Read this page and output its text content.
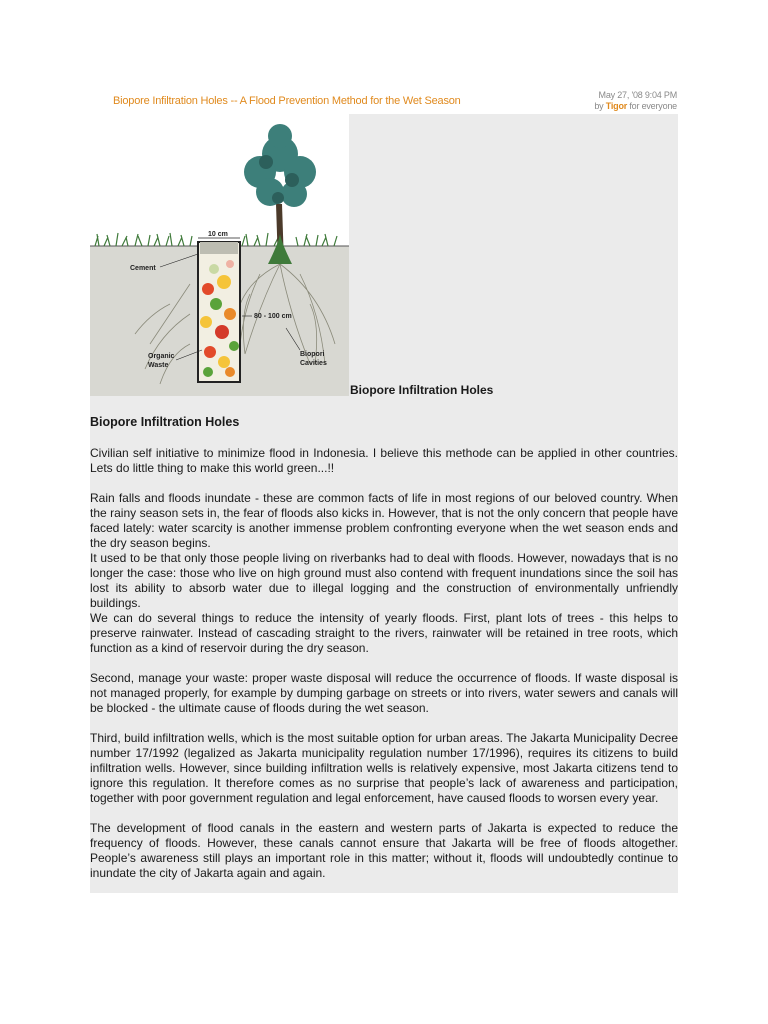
Biopore Infiltration Holes -- A Flood Prevention Method for the Wet Season	May 27, '08 9:04 PM
by Tigor for everyone
10 cm
Cement
80 - 100 cm
Organic
Waste
Biopori
Cavities
Biopore Infiltration Holes
Biopore Infiltration Holes

Civilian self initiative to minimize flood in Indonesia. I believe this methode can be applied in other countries. Lets do little thing to make this world green...!!

Rain falls and floods inundate - these are common facts of life in most regions of our beloved country. When the rainy season sets in, the fear of floods also kicks in. However, that is not the only concern that people have faced lately: water scarcity is another immense problem confronting everyone when the wet season ends and the dry season begins.

It used to be that only those people living on riverbanks had to deal with floods. However, nowadays that is no longer the case: those who live on high ground must also contend with frequent inundations since the soil has lost its ability to absorb water due to illegal logging and the construction of environmentally unfriendly buildings.

We can do several things to reduce the intensity of yearly floods. First, plant lots of trees - this helps to preserve rainwater. Instead of cascading straight to the rivers, rainwater will be retained in tree roots, which function as a kind of reservoir during the dry season.

Second, manage your waste: proper waste disposal will reduce the occurrence of floods. If waste disposal is not managed properly, for example by dumping garbage on streets or into rivers, water sewers and canals will be blocked - the ultimate cause of floods during the wet season.

Third, build infiltration wells, which is the most suitable option for urban areas. The Jakarta Municipality Decree number 17/1992 (legalized as Jakarta municipality regulation number 17/1996), requires its citizens to build infiltration wells. However, since building infiltration wells is relatively expensive, most Jakarta citizens tend to ignore this regulation. It therefore comes as no surprise that people’s lack of awareness and participation, together with poor government regulation and legal enforcement, have caused floods to worsen every year.

The development of flood canals in the eastern and western parts of Jakarta is expected to reduce the frequency of floods. However, these canals cannot ensure that Jakarta will be free of floods altogether. People’s awareness still plays an important role in this matter; without it, floods will undoubtedly continue to inundate the city of Jakarta again and again.
